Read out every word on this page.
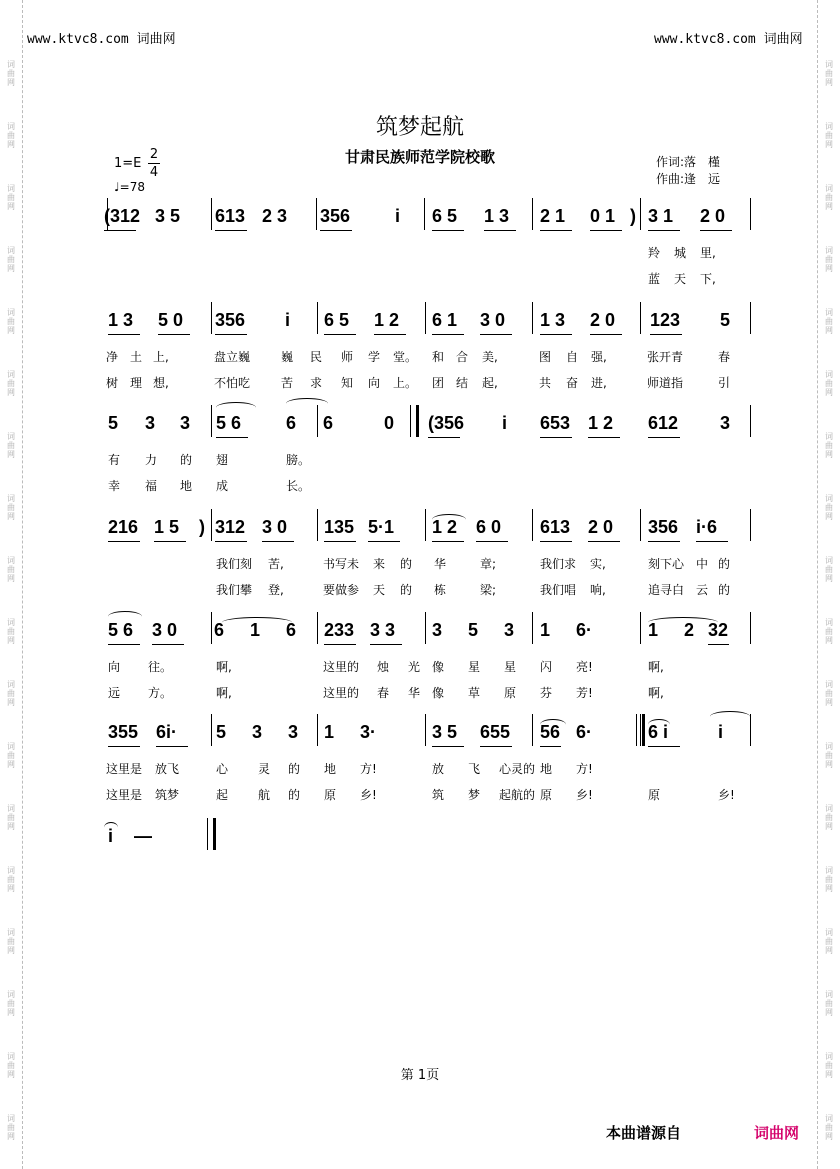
词
曲
网
词
曲
网
词
曲
网
词
曲
网
词
曲
网
词
曲
网
词
曲
网
词
曲
网
词
曲
网
词
曲
网
词
曲
网
词
曲
网
词
曲
网
词
曲
网
词
曲
网
词
曲
网
词
曲
网
词
曲
网
词
曲
网
词
曲
网
词
曲
网
词
曲
网
词
曲
网
词
曲
网
词
曲
网
词
曲
网
词
曲
网
词
曲
网
词
曲
网
词
曲
网
词
曲
网
词
曲
网
词
曲
网
词
曲
网
词
曲
网
词
曲
网
www.ktvc8.com 词曲网	www.ktvc8.com 词曲网
筑梦起航
甘肃民族师范学院校歌
1=E
2
4
♩=78
作词:落　槿
作曲:逢　远
(312 3 5 613 2 3 356 i 6 5 1 3 2 1 0 1 ) 3 1 2 0
羚 城 里,
蓝 天 下,
1 3 5 0 356 i 6 5 1 2 6 1 3 0 1 3 2 0 123 5
净 土 上,	盘立巍	巍 民 师 学 堂。 和 合 美,	图 自 强,	张开青	春
树 理 想,	不怕吃	苦 求 知 向 上。 团 结 起,	共 奋 进,	师道指	引
5 3 3 5 6 6 6	0 (356 i 653 1 2 612 3
有 力 的 翅	膀。
幸 福 地 成	长。
216 1 5 ) 312 3 0 135 5·1 1 2 6 0 613 2 0 356 i·6
我们刻 苦,	书写未 来 的 华	章;	我们求 实,	刻下心 中 的
我们攀 登,	要做参 天 的 栋	梁;	我们唱 响,	追寻白 云 的
5 6 3 0 6 1 6 233 3 3 3 5 3 1 6·	1 2 32
向 往。	啊,	这里的 烛 光 像 星 星 闪 亮!	啊,
远 方。	啊,	这里的 春 华 像 草 原 芬 芳!	啊,
355 6i· 5 3 3 1 3·	3 5 655 56 6·	6 i	i
这里是 放飞	心 灵 的 地 方!	放 飞 心灵的 地 方!
这里是 筑梦	起 航 的 原 乡!	筑 梦 起航的 原 乡!	原	乡!
i —
第 1页
本曲谱源自	词曲网
